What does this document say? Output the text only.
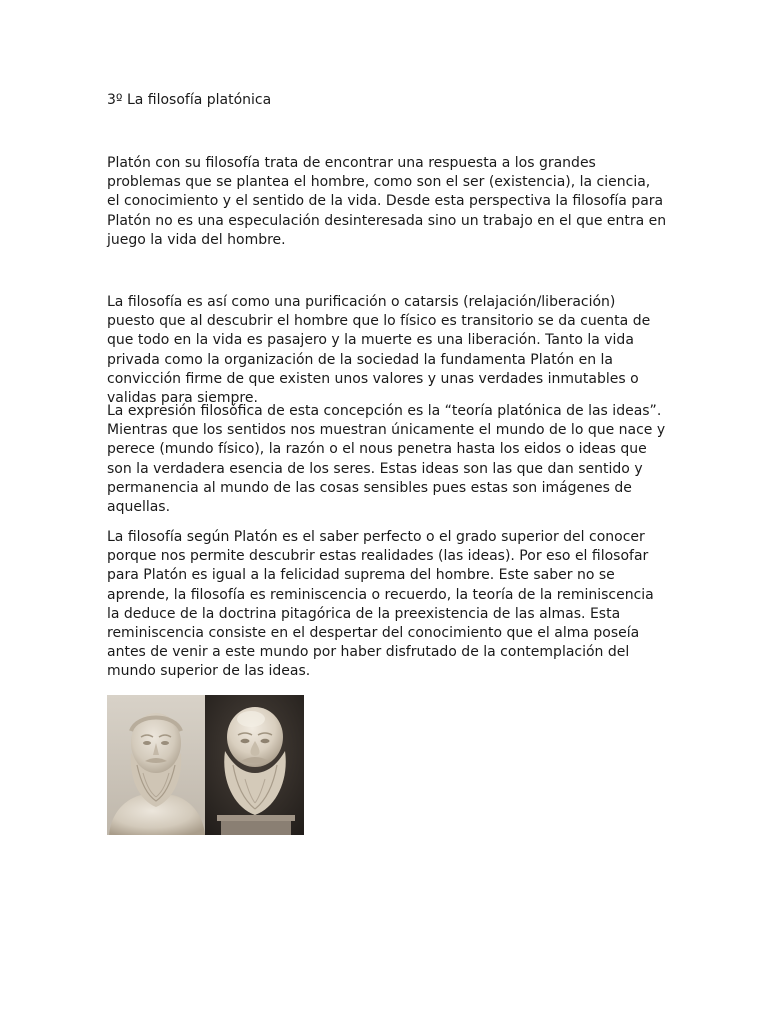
3º La filosofía platónica

Platón con su filosofía trata de encontrar una respuesta a los grandes problemas que se plantea el hombre, como son el ser (existencia), la ciencia, el conocimiento y el sentido de la vida. Desde esta perspectiva la filosofía para Platón no es una especulación desinteresada sino un trabajo en el que entra en juego la vida del hombre.

La filosofía es así como una purificación o catarsis (relajación/liberación) puesto que al descubrir el hombre que lo físico es transitorio se da cuenta de que todo en la vida es pasajero y la muerte es una liberación. Tanto la vida privada como la organización de la sociedad la fundamenta Platón en la convicción firme de que existen unos valores y unas verdades inmutables o validas para siempre.

La expresión filosófica de esta concepción es la “teoría platónica de las ideas”. Mientras que los sentidos nos muestran únicamente el mundo de lo que nace y perece (mundo físico), la razón o el nous penetra hasta los eidos o ideas que son la verdadera esencia de los seres. Estas ideas son las que dan sentido y permanencia al mundo de las cosas sensibles pues estas son imágenes de aquellas.

La filosofía según Platón es el saber perfecto o el grado superior del conocer porque nos permite descubrir estas realidades (las ideas). Por eso el filosofar para Platón es igual a la felicidad suprema del hombre. Este saber no se aprende, la filosofía es reminiscencia o recuerdo, la teoría de la reminiscencia la deduce de la doctrina pitagórica de la preexistencia de las almas. Esta reminiscencia consiste en el despertar del conocimiento que el alma poseía antes de venir a este mundo por haber disfrutado de la contemplación del mundo superior de las ideas.
